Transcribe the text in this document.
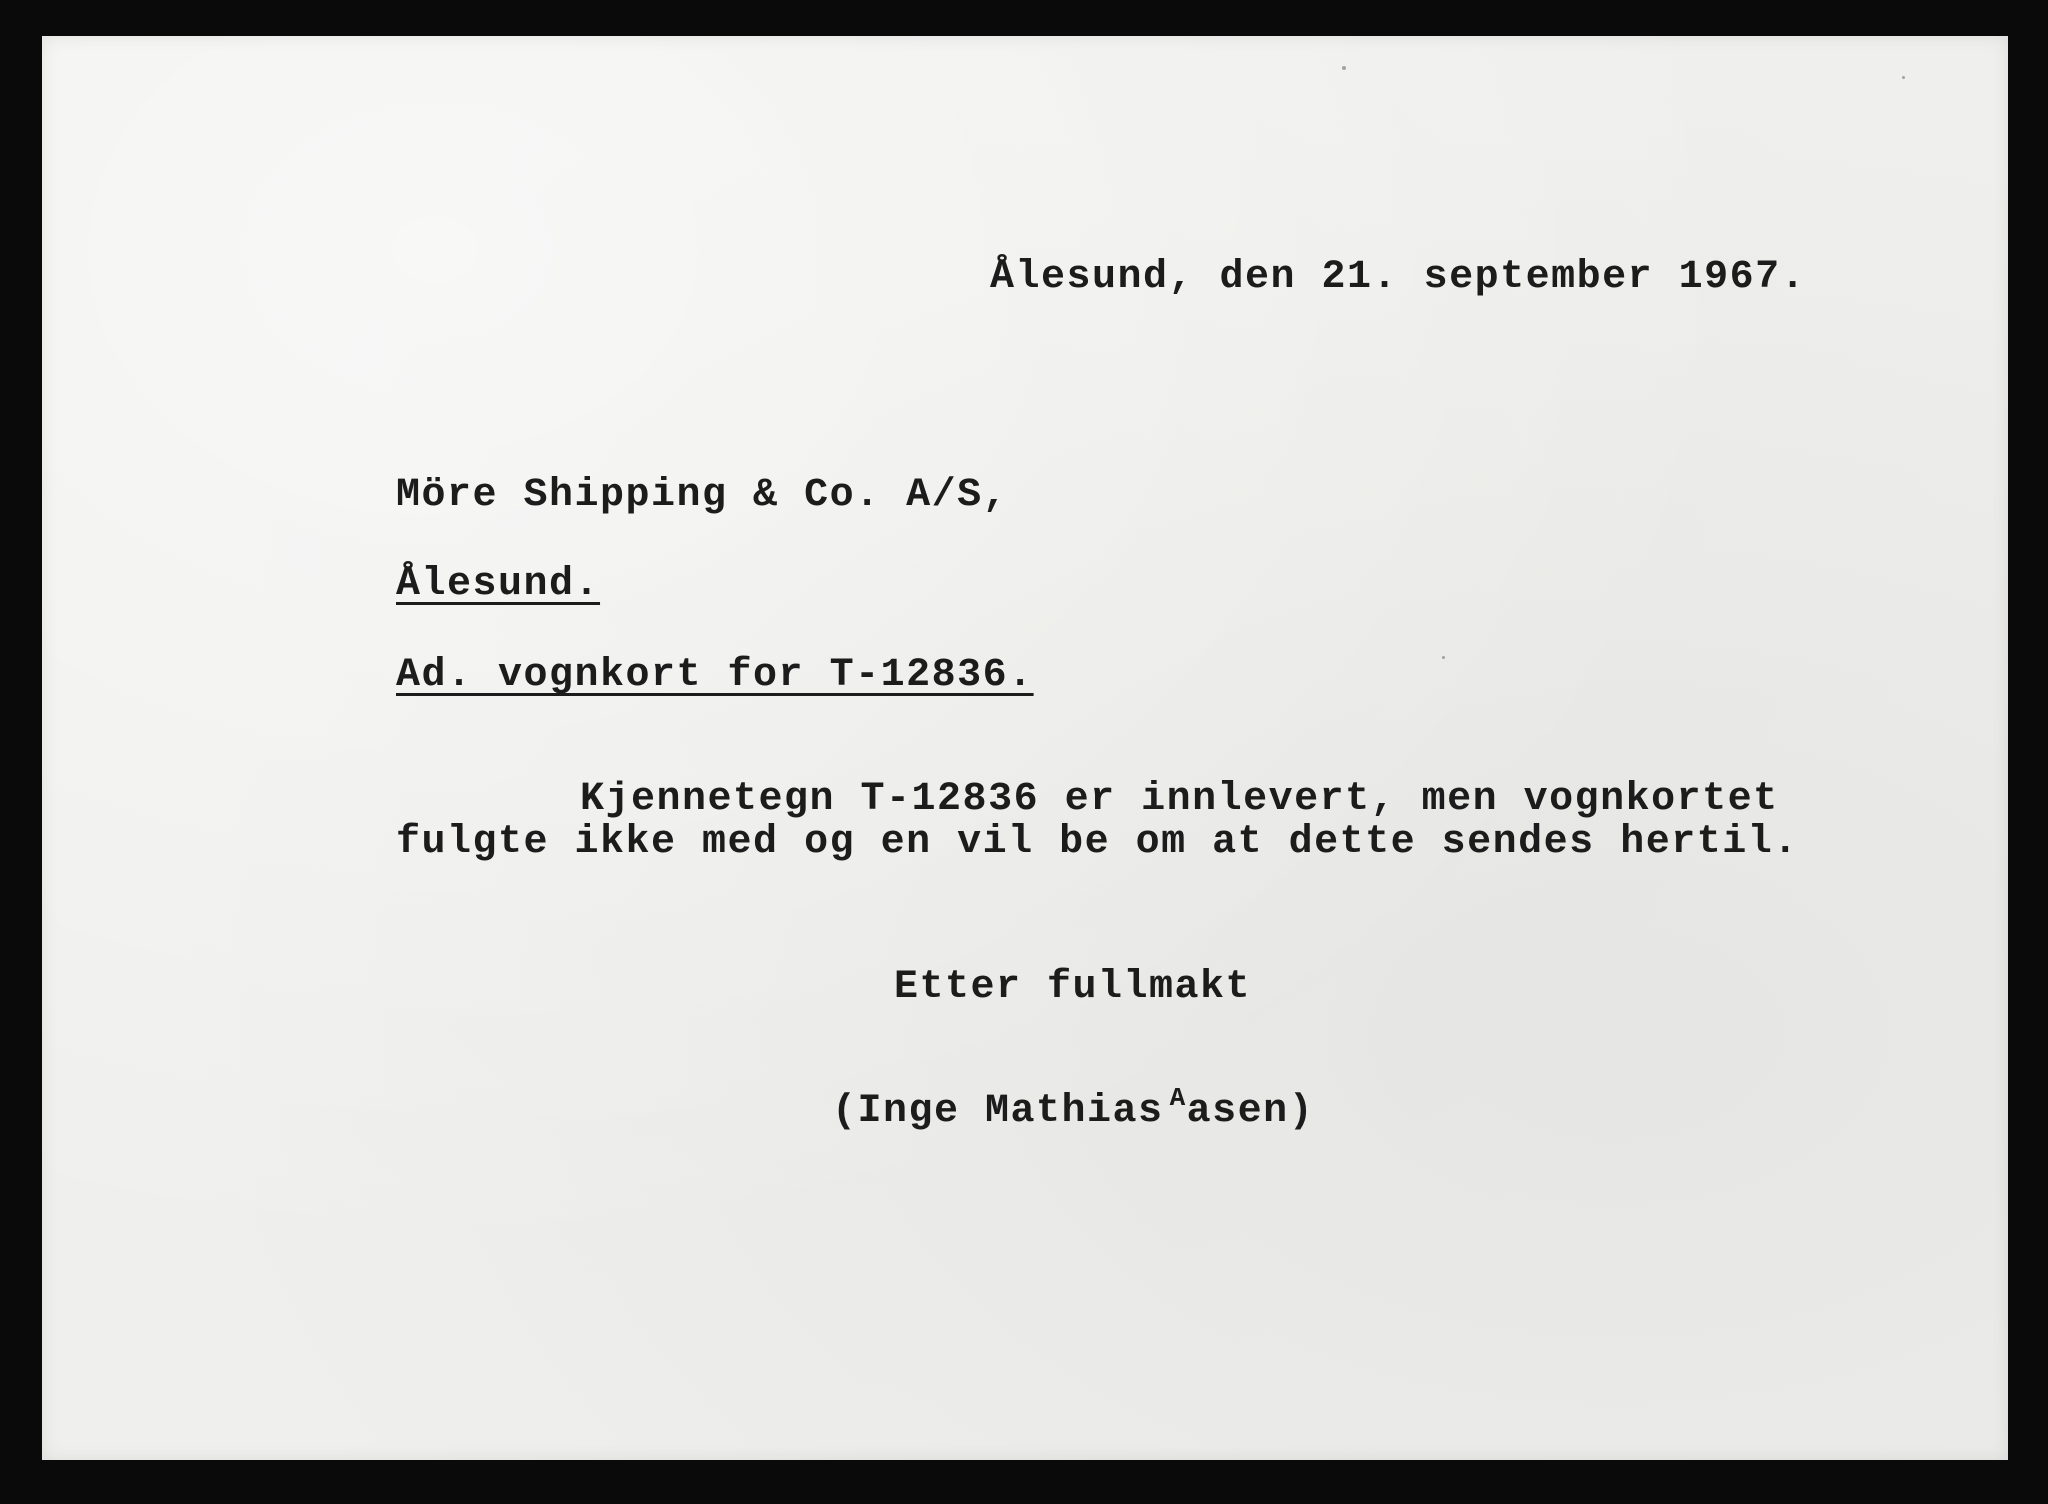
Ålesund, den 21. september 1967.
Möre Shipping & Co. A/S,
Ålesund.
Ad. vognkort for T-12836.
Kjennetegn T-12836 er innlevert, men vognkortet
fulgte ikke med og en vil be om at dette sendes hertil.
Etter fullmakt
(Inge Mathias Aasen)
